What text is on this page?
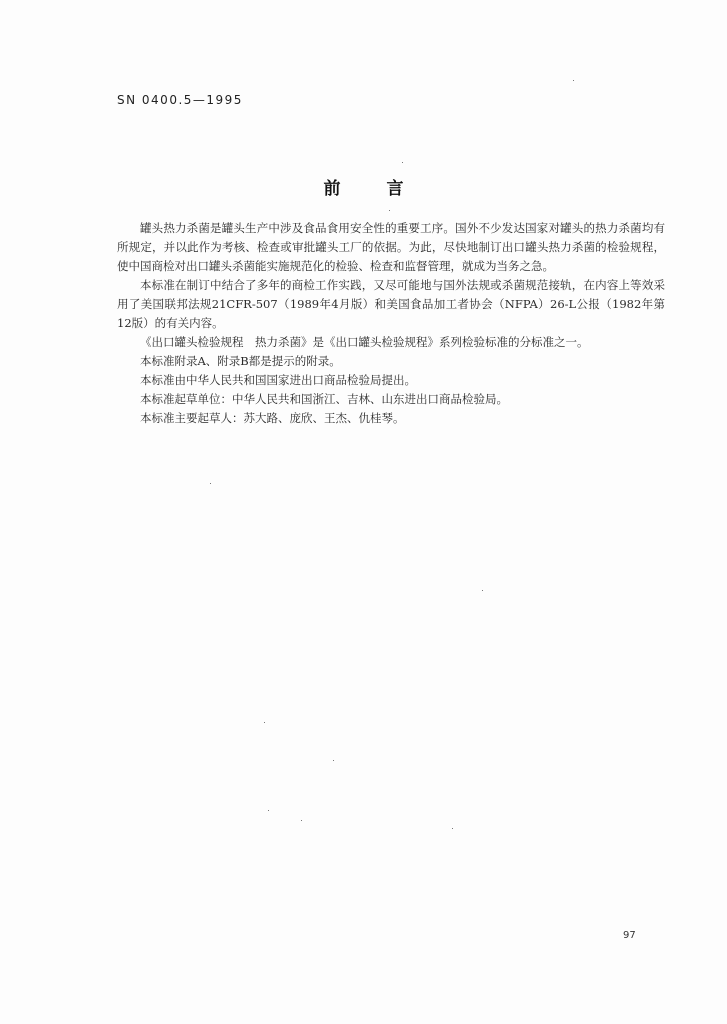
SN 0400.5—1995
前言

罐头热力杀菌是罐头生产中涉及食品食用安全性的重要工序。国外不少发达国家对罐头的热力杀菌均有所规定，并以此作为考核、检查或审批罐头工厂的依据。为此，尽快地制订出口罐头热力杀菌的检验规程，使中国商检对出口罐头杀菌能实施规范化的检验、检查和监督管理，就成为当务之急。

本标准在制订中结合了多年的商检工作实践，又尽可能地与国外法规或杀菌规范接轨，在内容上等效采用了美国联邦法规21CFR-507（1989年4月版）和美国食品加工者协会（NFPA）26-L公报（1982年第12版）的有关内容。

《出口罐头检验规程　热力杀菌》是《出口罐头检验规程》系列检验标准的分标准之一。

本标准附录A、附录B都是提示的附录。

本标准由中华人民共和国国家进出口商品检验局提出。

本标准起草单位：中华人民共和国浙江、吉林、山东进出口商品检验局。

本标准主要起草人：苏大路、庞欣、王杰、仇桂琴。

97
